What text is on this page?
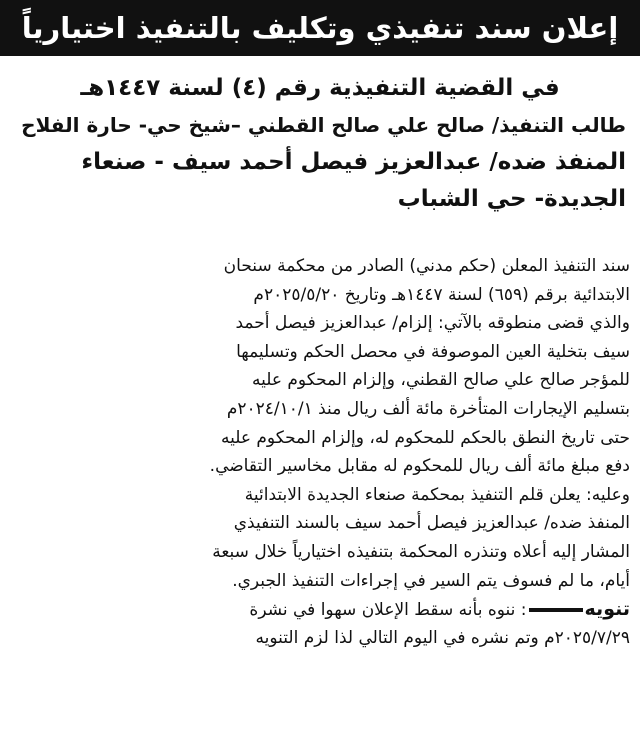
إعلان سند تنفيذي وتكليف بالتنفيذ اختيارياً
في القضية التنفيذية رقم (٤) لسنة ١٤٤٧هـ
طالب التنفيذ/ صالح علي صالح القطني –شيخ حي- حارة الفلاح
المنفذ ضده/ عبدالعزيز فيصل أحمد سيف - صنعاء
الجديدة- حي الشباب
سند التنفيذ المعلن (حكم مدني) الصادر من محكمة سنحان
الابتدائية برقم (٦٥٩) لسنة ١٤٤٧هـ وتاريخ ٢٠٢٥/٥/٢٠م
والذي قضى منطوقه بالآتي: إلزام/ عبدالعزيز فيصل أحمد
سيف بتخلية العين الموصوفة في محصل الحكم وتسليمها
للمؤجر صالح علي صالح القطني، وإلزام المحكوم عليه
بتسليم الإيجارات المتأخرة مائة ألف ريال منذ ٢٠٢٤/١٠/١م
حتى تاريخ النطق بالحكم للمحكوم له، وإلزام المحكوم عليه
دفع مبلغ مائة ألف ريال للمحكوم له مقابل مخاسير التقاضي.
وعليه: يعلن قلم التنفيذ بمحكمة صنعاء الجديدة الابتدائية
المنفذ ضده/ عبدالعزيز فيصل أحمد سيف بالسند التنفيذي
المشار إليه أعلاه وتنذره المحكمة بتنفيذه اختيارياً خلال سبعة
أيام، ما لم فسوف يتم السير في إجراءات التنفيذ الجبري.
تنويه: ننوه بأنه سقط الإعلان سهوا في نشرة
٢٠٢٥/٧/٢٩م وتم نشره في اليوم التالي لذا لزم التنويه
